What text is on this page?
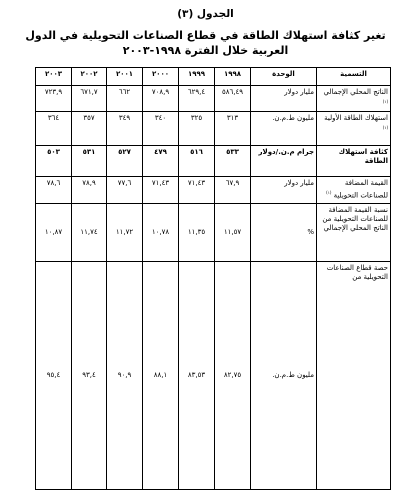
الجدول (٣)
تغير كثافة استهلاك الطاقة في قطاع الصناعات التحويلية في الدول العربية خلال الفترة ١٩٩٨-٢٠٠٣
التسمية	الوحدة	١٩٩٨	١٩٩٩	٢٠٠٠	٢٠٠١	٢٠٠٢	٢٠٠٣
الناتج المحلي الإجمالي $^{(١)}$	مليار دولار	٥٨٦,٤٩	٦٢٩,٤	٧٠٨,٩	٦٦٢	٦٧١,٧	٧٢٣,٩
استهلاك الطاقة الأولية $^{(١)}$	مليون ط.م.ن.	٣١٣	٣٢٥	٣٤٠	٣٤٩	٣٥٧	٣٦٤
كثافة استهلاك الطاقة	جرام م.ن./دولار	٥٣٣	٥١٦	٤٧٩	٥٢٧	٥٣١	٥٠٣
القيمة المضافة للصناعات التحويلية $^{(١)}$	مليار دولار	٦٧,٩	٧١,٤٣	٧١,٤٣	٧٧,٦	٧٨,٩	٧٨,٦
نسبة القيمة المضافة للصناعات التحويلية من الناتج المحلي الإجمالي	%	١١,٥٧	١١,٣٥	١٠,٧٨	١١,٧٢	١١,٧٤	١٠,٨٧
حصة قطاع الصناعات التحويلية من	مليون ط.م.ن.	٨٢,٧٥	٨٣,٥٣	٨٨,١	٩٠,٩	٩٣,٤	٩٥,٤
